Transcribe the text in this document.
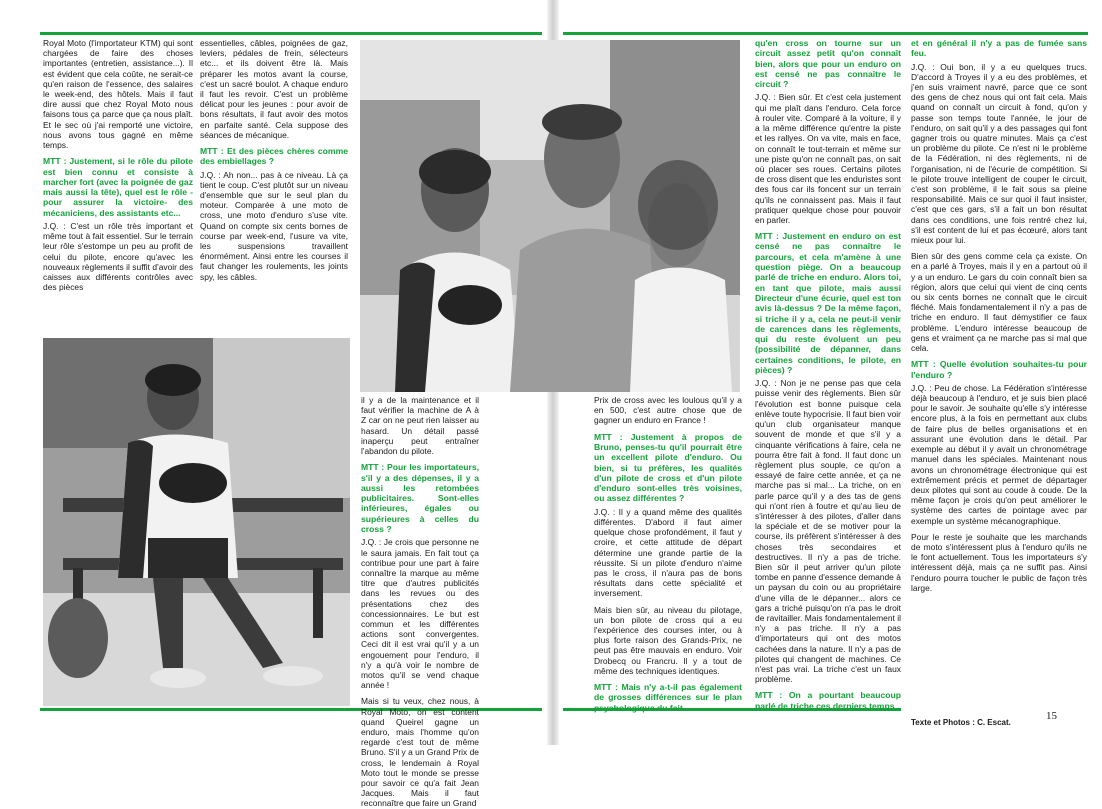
Royal Moto (l'importateur KTM) qui sont chargées de faire des choses importantes (entretien, assistance...). Il est évident que cela coûte, ne serait-ce qu'en raison de l'essence, des salaires le week-end, des hôtels. Mais il faut dire aussi que chez Royal Moto nous faisons tous ça parce que ça nous plaît. Et le sec où j'ai remporté une victoire, nous avons tous gagné en même temps.

MTT : Justement, si le rôle du pilote est bien connu et consiste à marcher fort (avec la poignée de gaz mais aussi la tête), quel est le rôle -pour assurer la victoire- des mécaniciens, des assistants etc...

J.Q. : C'est un rôle très important et même tout à fait essentiel. Sur le terrain leur rôle s'estompe un peu au profit de celui du pilote, encore qu'avec les nouveaux règlements il suffit d'avoir des caisses aux différents contrôles avec des pièces

essentielles, câbles, poignées de gaz, leviers, pédales de frein, sélecteurs etc... et ils doivent être là. Mais préparer les motos avant la course, c'est un sacré boulot. A chaque enduro il faut les revoir. C'est un problème délicat pour les jeunes : pour avoir de bons résultats, il faut avoir des motos en parfaite santé. Cela suppose des séances de mécanique.

MTT : Et des pièces chères comme des embiellages ?

J.Q. : Ah non... pas à ce niveau. Là ça tient le coup. C'est plutôt sur un niveau d'ensemble que sur le seul plan du moteur. Comparée à une moto de cross, une moto d'enduro s'use vite. Quand on compte six cents bornes de course par week-end, l'usure va vite, les suspensions travaillent énormément. Ainsi entre les courses il faut changer les roulements, les joints spy, les câbles.

il y a de la maintenance et il faut vérifier la machine de A à Z car on ne peut rien laisser au hasard. Un détail passé inaperçu peut entraîner l'abandon du pilote.

MTT : Pour les importateurs, s'il y a des dépenses, il y a aussi les retombées publicitaires. Sont-elles inférieures, égales ou supérieures à celles du cross ?

J.Q. : Je crois que personne ne le saura jamais. En fait tout ça contribue pour une part à faire connaître la marque au même titre que d'autres publicités dans les revues ou des présentations chez des concessionnaires. Le but est commun et les différentes actions sont convergentes. Ceci dit il est vrai qu'il y a un engouement pour l'enduro, il n'y a qu'à voir le nombre de motos qu'il se vend chaque année !

Mais si tu veux, chez nous, à Royal Moto, on est content quand Queirel gagne un enduro, mais l'homme qu'on regarde c'est tout de même Bruno. S'il y a un Grand Prix de cross, le lendemain à Royal Moto tout le monde se presse pour savoir ce qu'a fait Jean Jacques. Mais il faut reconnaître que faire un Grand

Prix de cross avec les loulous qu'il y a en 500, c'est autre chose que de gagner un enduro en France !

MTT : Justement à propos de Bruno, penses-tu qu'il pourrait être un excellent pilote d'enduro. Ou bien, si tu préfères, les qualités d'un pilote de cross et d'un pilote d'enduro sont-elles très voisines, ou assez différentes ?

J.Q. : Il y a quand même des qualités différentes. D'abord il faut aimer quelque chose profondément, il faut y croire, et cette attitude de départ détermine une grande partie de la réussite. Si un pilote d'enduro n'aime pas le cross, il n'aura pas de bons résultats dans cette spécialité et inversement.

Mais bien sûr, au niveau du pilotage, un bon pilote de cross qui a eu l'expérience des courses inter, ou à plus forte raison des Grands-Prix, ne peut pas être mauvais en enduro. Voir Drobecq ou Francru. Il y a tout de même des techniques identiques.

MTT : Mais n'y a-t-il pas également de grosses différences sur le plan psychologique du fait

qu'en cross on tourne sur un circuit assez petit qu'on connaît bien, alors que pour un enduro on est censé ne pas connaître le circuit ?

J.Q. : Bien sûr. Et c'est cela justement qui me plaît dans l'enduro. Cela force à rouler vite. Comparé à la voiture, il y a la même différence qu'entre la piste et les rallyes. On va vite, mais en face, on connaît le tout-terrain et même sur une piste qu'on ne connaît pas, on sait où placer ses roues. Certains pilotes de cross disent que les enduristes sont des fous car ils foncent sur un terrain qu'ils ne connaissent pas. Mais il faut pratiquer quelque chose pour pouvoir en parler.

MTT : Justement en enduro on est censé ne pas connaître le parcours, et cela m'amène à une question piège. On a beaucoup parlé de triche en enduro. Alors toi, en tant que pilote, mais aussi Directeur d'une écurie, quel est ton avis là-dessus ? De la même façon, si triche il y a, cela ne peut-il venir de carences dans les règlements, qui du reste évoluent un peu (possibilité de dépanner, dans certaines conditions, le pilote, en pièces) ?

J.Q. : Non je ne pense pas que cela puisse venir des règlements. Bien sûr l'évolution est bonne puisque cela enlève toute hypocrisie. Il faut bien voir qu'un club organisateur manque souvent de monde et que s'il y a cinquante vérifications à faire, cela ne pourra être fait à fond. Il faut donc un règlement plus souple, ce qu'on a essayé de faire cette année, et ça ne marche pas si mal... La triche, on en parle parce qu'il y a des tas de gens qui n'ont rien à foutre et qu'au lieu de s'intéresser à des pilotes, d'aller dans la spéciale et de se motiver pour la course, ils préfèrent s'intéresser à des choses très secondaires et destructives. Il n'y a pas de triche. Bien sûr il peut arriver qu'un pilote tombe en panne d'essence demande à un paysan du coin ou au propriétaire d'une villa de le dépanner... alors ce gars a triché puisqu'on n'a pas le droit de ravitailler. Mais fondamentalement il n'y a pas triche. Il n'y a pas d'importateurs qui ont des motos cachées dans la nature. Il n'y a pas de pilotes qui changent de machines. Ce n'est pas vrai. La triche c'est un faux problème.

MTT : On a pourtant beaucoup parlé de triche ces derniers temps

et en général il n'y a pas de fumée sans feu.

J.Q. : Oui bon, il y a eu quelques trucs. D'accord à Troyes il y a eu des problèmes, et j'en suis vraiment navré, parce que ce sont des gens de chez nous qui ont fait cela. Mais quand on connaît un circuit à fond, qu'on y passe son temps toute l'année, le jour de l'enduro, on sait qu'il y a des passages qui font gagner trois ou quatre minutes. Mais ça c'est un problème du pilote. Ce n'est ni le problème de la Fédération, ni des règlements, ni de l'organisation, ni de l'écurie de compétition. Si le pilote trouve intelligent de couper le circuit, c'est son problème, il le fait sous sa pleine responsabilité. Mais ce sur quoi il faut insister, c'est que ces gars, s'il a fait un bon résultat dans ces conditions, une fois rentré chez lui, s'il est content de lui et pas écœuré, alors tant mieux pour lui.

Bien sûr des gens comme cela ça existe. On en a parlé à Troyes, mais il y en a partout où il y a un enduro. Le gars du coin connaît bien sa région, alors que celui qui vient de cinq cents ou six cents bornes ne connaît que le circuit fléché. Mais fondamentalement il n'y a pas de triche en enduro. Il faut démystifier ce faux problème. L'enduro intéresse beaucoup de gens et vraiment ça ne marche pas si mal que cela.

MTT : Quelle évolution souhaites-tu pour l'enduro ?

J.Q. : Peu de chose. La Fédération s'intéresse déjà beaucoup à l'enduro, et je suis bien placé pour le savoir. Je souhaite qu'elle s'y intéresse encore plus, à la fois en permettant aux clubs de faire plus de belles organisations et en assurant une évolution dans le détail. Par exemple au début il y avait un chronométrage manuel dans les spéciales. Maintenant nous avons un chronométrage électronique qui est extrêmement précis et permet de départager deux pilotes qui sont au coude à coude. De la même façon je crois qu'on peut améliorer le système des cartes de pointage avec par exemple un système mécanographique.

Pour le reste je souhaite que les marchands de moto s'intéressent plus à l'enduro qu'ils ne le font actuellement. Tous les importateurs s'y intéressent déjà, mais ça ne suffit pas. Ainsi l'enduro pourra toucher le public de façon très large.

Texte et Photos : C. Escat.
15
